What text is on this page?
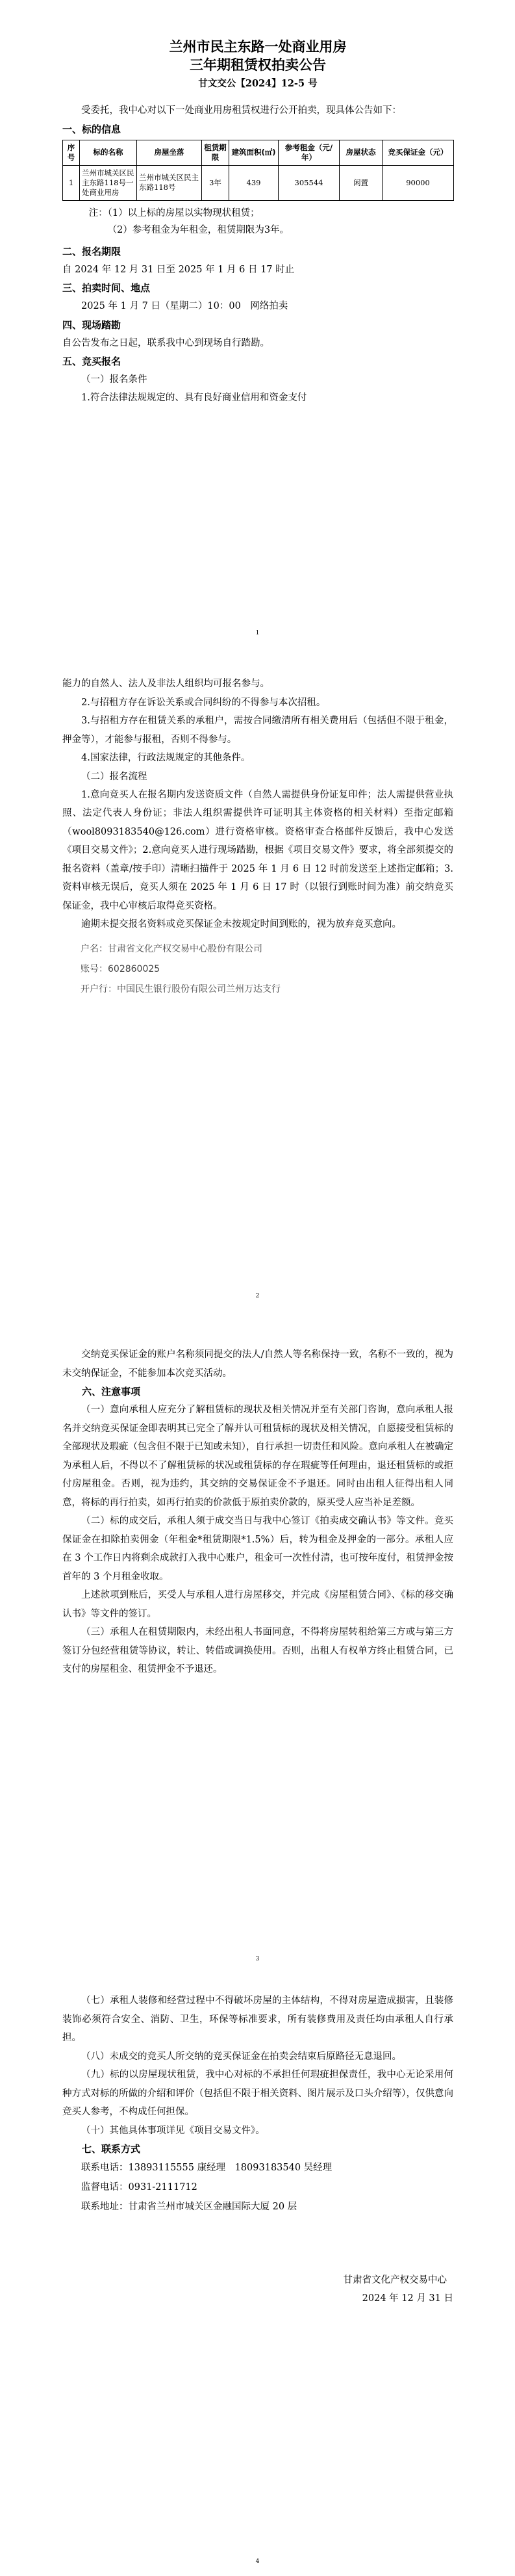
兰州市民主东路一处商业用房
三年期租赁权拍卖公告
甘文交公【2024】12-5 号

受委托，我中心对以下一处商业用房租赁权进行公开拍卖，现具体公告如下：

一、标的信息
序号	标的名称	房屋坐落	租赁期限	建筑面积(㎡)	参考租金（元/年）	房屋状态	竞买保证金（元）
1	兰州市城关区民主东路118号一处商业用房	兰州市城关区民主东路118号	3年	439	305544	闲置	90000
注：（1）以上标的房屋以实物现状租赁；
（2）参考租金为年租金，租赁期限为3年。
二、报名期限

自 2024 年 12 月 31 日至 2025 年 1 月 6 日 17 时止

三、拍卖时间、地点

2025 年 1 月 7 日（星期二）10：00　网络拍卖

四、现场踏勘

自公告发布之日起，联系我中心到现场自行踏勘。

五、竞买报名
（一）报名条件

1.符合法律法规规定的、具有良好商业信用和资金支付

1

能力的自然人、法人及非法人组织均可报名参与。

2.与招租方存在诉讼关系或合同纠纷的不得参与本次招租。

3.与招租方存在租赁关系的承租户，需按合同缴清所有相关费用后（包括但不限于租金，押金等），才能参与报租，否则不得参与。

4.国家法律，行政法规规定的其他条件。

（二）报名流程

1.意向竞买人在报名期内发送资质文件（自然人需提供身份证复印件；法人需提供营业执照、法定代表人身份证；非法人组织需提供许可证明其主体资格的相关材料）至指定邮箱（wool8093183540@126.com）进行资格审核。资格审查合格邮件反馈后，我中心发送《项目交易文件》；2.意向竞买人进行现场踏勘，根据《项目交易文件》要求，将全部须提交的报名资料（盖章/按手印）清晰扫描件于 2025 年 1 月 6 日 12 时前发送至上述指定邮箱；3.资料审核无误后，竞买人须在 2025 年 1 月 6 日 17 时（以银行到账时间为准）前交纳竞买保证金，我中心审核后取得竞买资格。

逾期未提交报名资料或竞买保证金未按规定时间到账的，视为放弃竞买意向。

户名：甘肃省文化产权交易中心股份有限公司
账号：602860025
开户行：中国民生银行股份有限公司兰州万达支行
2

交纳竞买保证金的账户名称须同提交的法人/自然人等名称保持一致，名称不一致的，视为未交纳保证金，不能参加本次竞买活动。

六、注意事项

（一）意向承租人应充分了解租赁标的现状及相关情况并至有关部门咨询，意向承租人报名并交纳竞买保证金即表明其已完全了解并认可租赁标的现状及相关情况，自愿接受租赁标的全部现状及瑕疵（包含但不限于已知或未知），自行承担一切责任和风险。意向承租人在被确定为承租人后，不得以不了解租赁标的状况或租赁标的存在瑕疵等任何理由，退还租赁标的或拒付房屋租金。否则，视为违约，其交纳的交易保证金不予退还。同时由出租人征得出租人同意，将标的再行拍卖，如再行拍卖的价款低于原拍卖价款的，原买受人应当补足差额。

（二）标的成交后，承租人须于成交当日与我中心签订《拍卖成交确认书》等文件。竞买保证金在扣除拍卖佣金（年租金*租赁期限*1.5%）后，转为租金及押金的一部分。承租人应在 3 个工作日内将剩余成款打入我中心账户，租金可一次性付清，也可按年度付，租赁押金按首年的 3 个月租金收取。

上述款项到账后，买受人与承租人进行房屋移交，并完成《房屋租赁合同》、《标的移交确认书》等文件的签订。

（三）承租人在租赁期限内，未经出租人书面同意，不得将房屋转租给第三方或与第三方签订分包经营租赁等协议，转让、转借或调换使用。否则，出租人有权单方终止租赁合同，已支付的房屋租金、租赁押金不予退还。

3

（七）承租人装修和经营过程中不得破坏房屋的主体结构，不得对房屋造成损害，且装修装饰必须符合安全、消防、卫生，环保等标准要求，所有装修费用及责任均由承租人自行承担。

（八）未成交的竞买人所交纳的竞买保证金在拍卖会结束后原路径无息退回。

（九）标的以房屋现状租赁，我中心对标的不承担任何瑕疵担保责任，我中心无论采用何种方式对标的所做的介绍和评价（包括但不限于相关资料、图片展示及口头介绍等），仅供意向竞买人参考，不构成任何担保。

（十）其他具体事项详见《项目交易文件》。

七、联系方式
联系电话：13893115555 康经理　18093183540 吴经理
监督电话：0931-2111712
联系地址：甘肃省兰州市城关区金融国际大厦 20 层
甘肃省文化产权交易中心
2024 年 12 月 31 日
4
